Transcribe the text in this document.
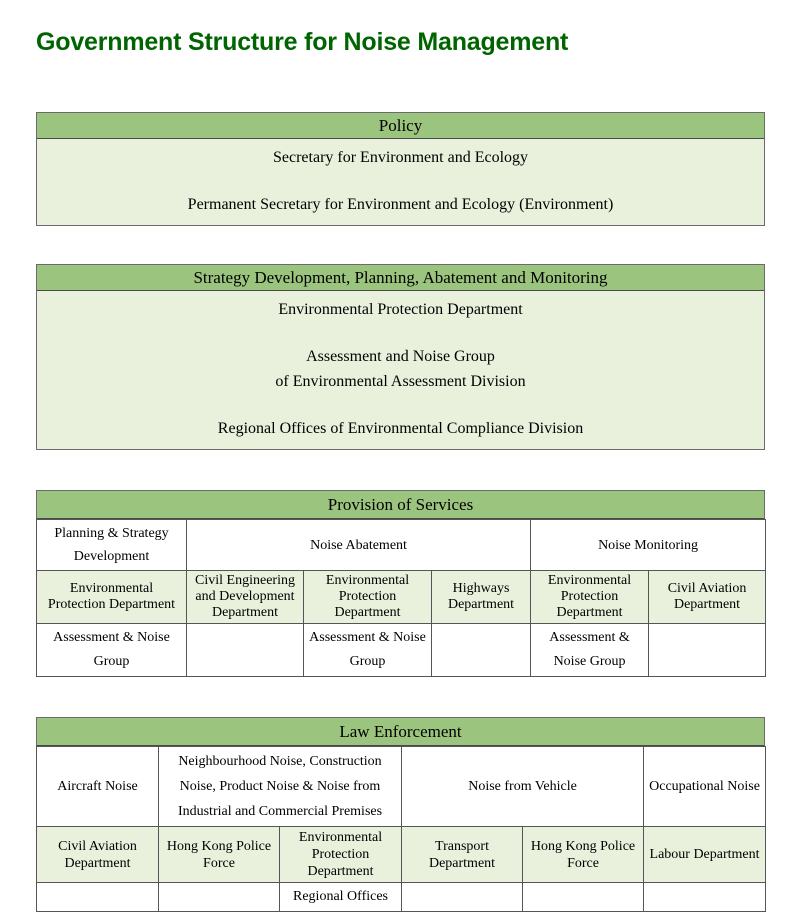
Government Structure for Noise Management
Policy
Secretary for Environment and Ecology
Permanent Secretary for Environment and Ecology (Environment)
Strategy Development, Planning, Abatement and Monitoring
Environmental Protection Department
Assessment and Noise Group
of Environmental Assessment Division
Regional Offices of Environmental Compliance Division
Provision of Services
Planning & Strategy Development	Noise Abatement			Noise Monitoring	
Environmental Protection Department	Civil Engineering and Development Department	Environmental Protection Department	Highways Department	Environmental Protection Department	Civil Aviation Department
Assessment & Noise Group		Assessment & Noise Group		Assessment & Noise Group	
Law Enforcement
Aircraft Noise	Neighbourhood Noise, Construction Noise, Product Noise & Noise from Industrial and Commercial Premises		Noise from Vehicle		Occupational Noise
Civil Aviation Department	Hong Kong Police Force	Environmental Protection Department	Transport Department	Hong Kong Police Force	Labour Department
		Regional Offices			
